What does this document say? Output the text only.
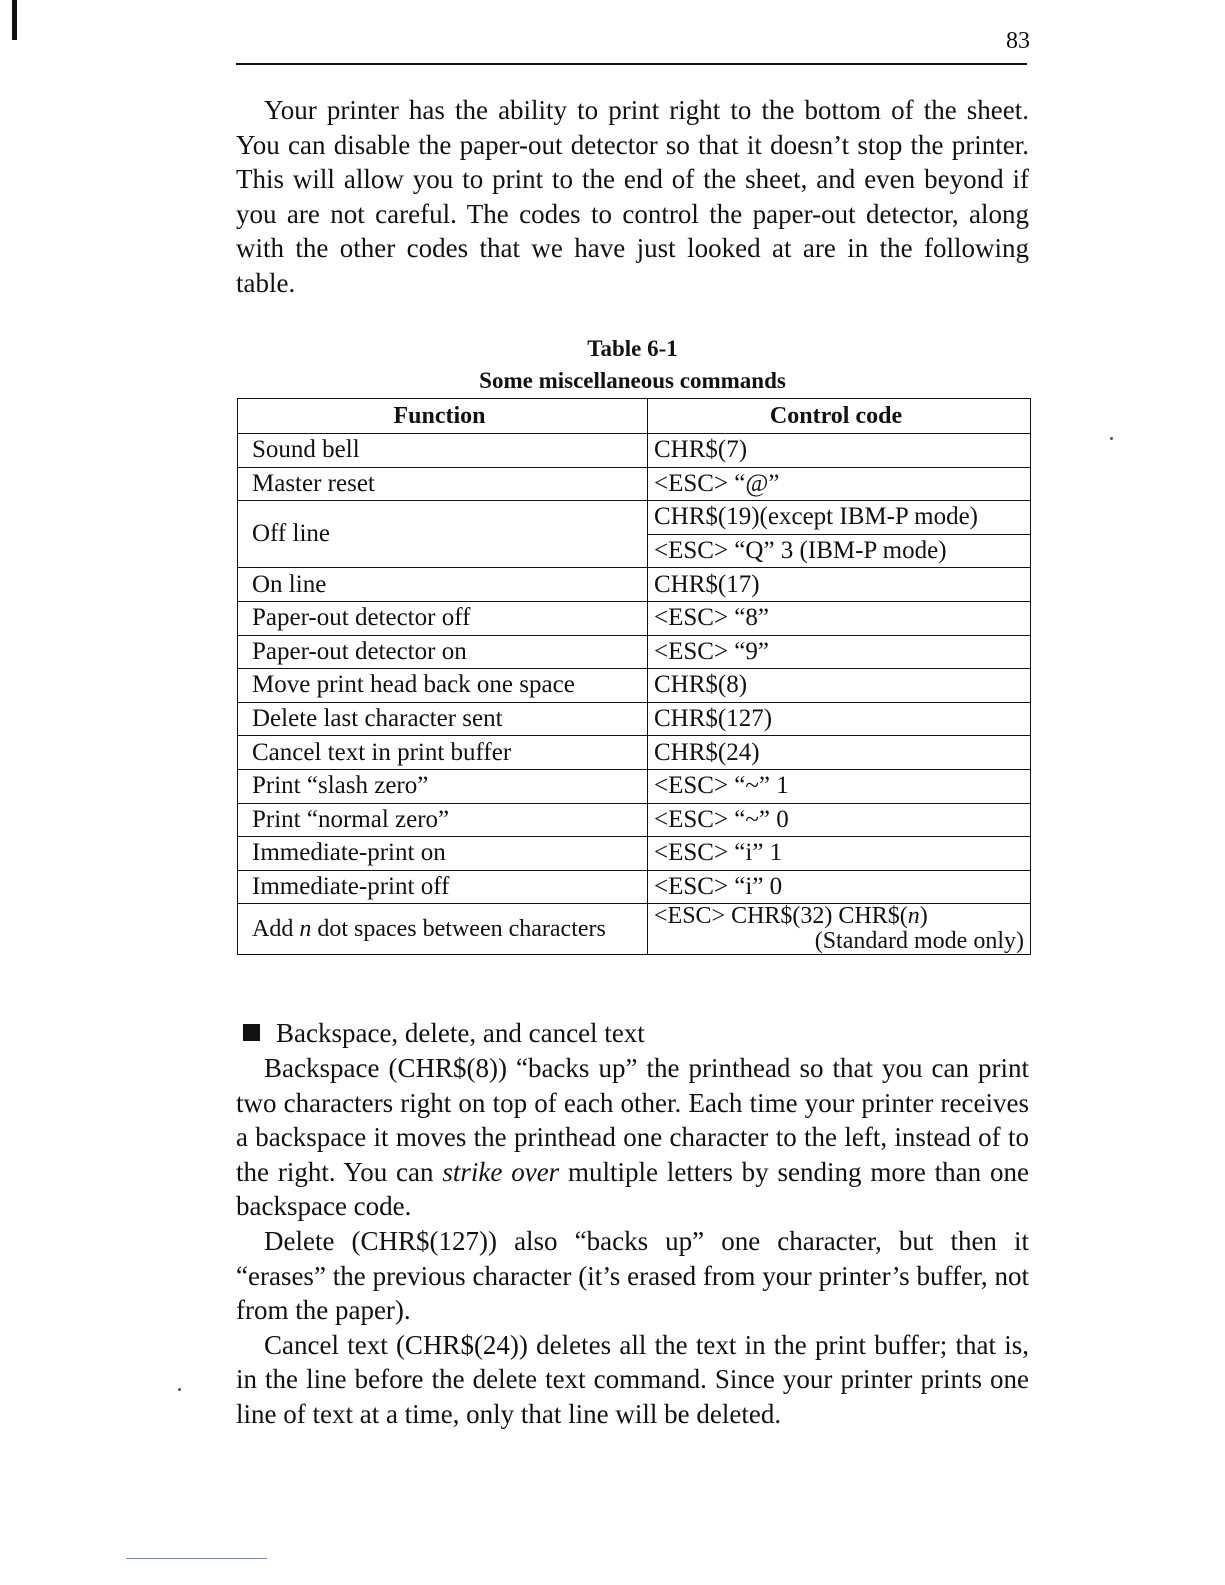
83

Your printer has the ability to print right to the bottom of the sheet. You can disable the paper-out detector so that it doesn’t stop the printer. This will allow you to print to the end of the sheet, and even beyond if you are not careful. The codes to control the paper-out detector, along with the other codes that we have just looked at are in the following table.

Table 6-1
Some miscellaneous commands
Function	Control code
Sound bell	CHR$(7)
Master reset	<ESC> “@”
Off line	CHR$(19)(except IBM-P mode)
	<ESC> “Q” 3 (IBM-P mode)
On line	CHR$(17)
Paper-out detector off	<ESC> “8”
Paper-out detector on	<ESC> “9”
Move print head back one space	CHR$(8)
Delete last character sent	CHR$(127)
Cancel text in print buffer	CHR$(24)
Print “slash zero”	<ESC> “~” 1
Print “normal zero”	<ESC> “~” 0
Immediate-print on	<ESC> “i” 1
Immediate-print off	<ESC> “i” 0
Add n dot spaces between characters	<ESC> CHR$(32) CHR$(n)
(Standard mode only)
Backspace, delete, and cancel text

Backspace (CHR$(8)) “backs up” the printhead so that you can print two characters right on top of each other. Each time your printer receives a backspace it moves the printhead one character to the left, instead of to the right. You can strike over multiple letters by sending more than one backspace code.

Delete (CHR$(127)) also “backs up” one character, but then it “erases” the previous character (it’s erased from your printer’s buffer, not from the paper).

Cancel text (CHR$(24)) deletes all the text in the print buffer; that is, in the line before the delete text command. Since your printer prints one line of text at a time, only that line will be deleted.
